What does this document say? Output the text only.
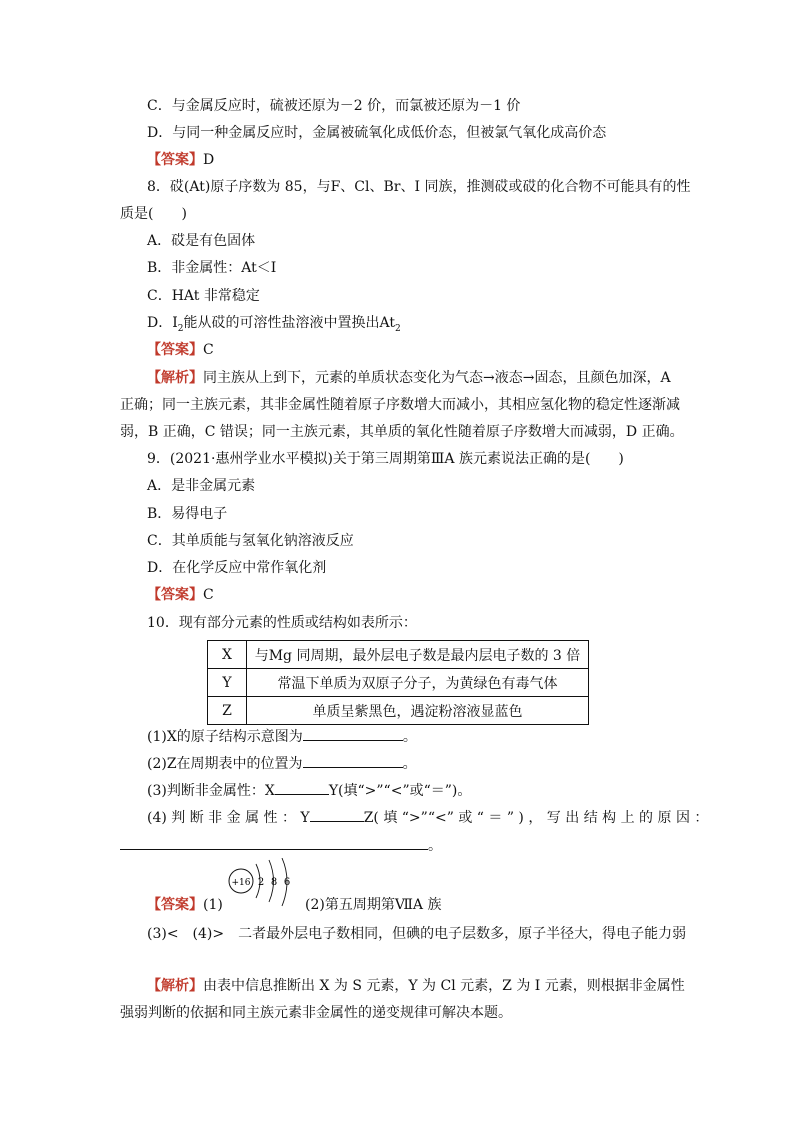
C．与金属反应时，硫被还原为－2 价，而氯被还原为－1 价
D．与同一种金属反应时，金属被硫氧化成低价态，但被氯气氧化成高价态
【答案】D
8．砹(At)原子序数为 85，与F、Cl、Br、I 同族，推测砹或砹的化合物不可能具有的性
质是(　　)
A．砹是有色固体
B．非金属性：At＜I
C．HAt 非常稳定
D．$I_2$能从砹的可溶性盐溶液中置换出$At_2$
【答案】C
【解析】同主族从上到下，元素的单质状态变化为气态→液态→固态，且颜色加深，A
正确；同一主族元素，其非金属性随着原子序数增大而减小，其相应氢化物的稳定性逐渐减
弱，B 正确，C 错误；同一主族元素，其单质的氧化性随着原子序数增大而减弱，D 正确。
9．(2021·惠州学业水平模拟)关于第三周期第ⅢA 族元素说法正确的是(　　)
A．是非金属元素
B．易得电子
C．其单质能与氢氧化钠溶液反应
D．在化学反应中常作氧化剂
【答案】C
10．现有部分元素的性质或结构如表所示：
X	与Mg 同周期，最外层电子数是最内层电子数的 3 倍
Y	常温下单质为双原子分子，为黄绿色有毒气体
Z	单质呈紫黑色，遇淀粉溶液显蓝色
(1)X的原子结构示意图为	。
(2)Z在周期表中的位置为	。
(3)判断非金属性：X	Y(填“>”“<”或“＝”)。
(4) 判 断 非 金 属 性 ： Y	Z( 填 “>”“<” 或 “ ＝ ” ) ， 写 出 结 构 上 的 原 因 ：
。
+16 2 8 6
【答案】(1)	(2)第五周期第ⅦA 族
(3)<　(4)>　二者最外层电子数相同，但碘的电子层数多，原子半径大，得电子能力弱
【解析】由表中信息推断出 X 为 S 元素，Y 为 Cl 元素，Z 为 I 元素，则根据非金属性
强弱判断的依据和同主族元素非金属性的递变规律可解决本题。
